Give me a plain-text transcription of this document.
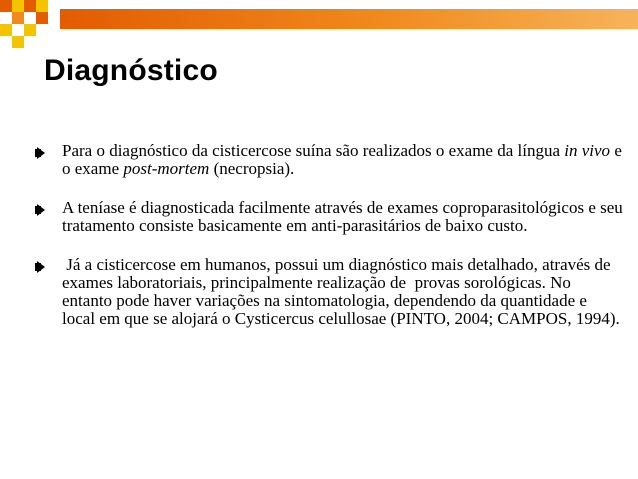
Diagnóstico
Para o diagnóstico da cisticercose suína são realizados o exame da língua in vivo e o exame post-mortem (necropsia).
A teníase é diagnosticada facilmente através de exames coproparasitológicos e seu tratamento consiste basicamente em anti-parasitários de baixo custo.
Já a cisticercose em humanos, possui um diagnóstico mais detalhado, através de exames laboratoriais, principalmente realização de  provas sorológicas. No entanto pode haver variações na sintomatologia, dependendo da quantidade e local em que se alojará o Cysticercus celullosae (PINTO, 2004; CAMPOS, 1994).
